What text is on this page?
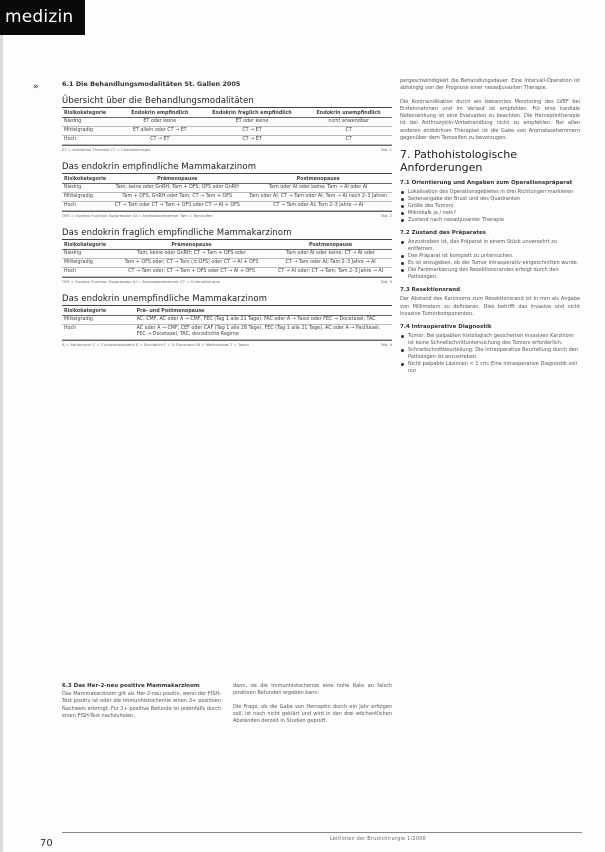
medizin
»	6.1 Die Behandlungsmodalitäten St. Gallen 2005
Übersicht über die Behandlungsmodalitäten
Risikokategorie	Endokrin empfindlich	Endokrin fraglich empfindlich	Endokrin unempfindlich
Niedrig	ET oder keine	ET oder keine	nicht anwendbar
Mittelgradig	ET allein oder CT → ET	CT → ET	CT
Hoch	CT → ET	CT → ET	CT
ET = endokrine Therapie CT = Chemotherapie	Tab. 1
Das endokrin empfindliche Mammakarzinom
Risikokategorie	Prämenopause	Postmenopause
Niedrig	Tam, keine oder GnRH; Tam + OFS; OFS oder GnRH	Tam oder AI oder keine; Tam → AI oder AI
Mittelgradig	Tam + OFS, GnRH oder Tam; CT → Tam + OFS	Tam oder AI; CT → Tam oder AI; Tam → AI nach 2–3 Jahren
Hoch	CT → Tam oder CT → Tam + OFS oder CT → AI + OFS	CT → Tam oder AI; Tam 2–3 Jahre → AI
OFS = Ovarian Function Suppression AI = Aromatasehemmer Tam = Tamoxifen	Tab. 2
Das endokrin fraglich empfindliche Mammakarzinom
Risikokategorie	Prämenopause	Postmenopause
Niedrig	Tam, keine oder GnRH; CT → Tam + OFS oder	Tam oder AI oder keine; CT → AI oder
Mittelgradig	Tam + OFS oder; CT → Tam (± OFS) oder CT → AI + OFS	CT → Tam oder AI; Tam 2–3 Jahre → AI
Hoch	CT → Tam oder; CT → Tam + OFS oder CT → AI + OFS	CT → AI oder; CT → Tam; Tam 2–3 Jahre → AI
OFS = Ovarian Function Suppression AI = Aromatasehemmer CT = Chemotherapie	Tab. 3
Das endokrin unempfindliche Mammakarzinom
Risikokategorie	Prä- und Postmenopause
Mittelgradig	AC, CMF, AC oder A → CMF, FEC (Tag 1 alle 21 Tage), FAC oder A → Taxol oder FEC → Docetaxel, TAC
Hoch	AC oder A → CMF, CEF oder CAF (Tag 1 alle 28 Tage), FEC (Tag 1 alle 21 Tage), AC oder A → Paclitaxel, FEC → Docetaxel, TAC, dosisdichte Regime
A = Adriamycin C = Cyclophosphamid E = Epirubicin F = 5-Fluoruracil M = Methotrexat T = Taxan	Tab. 4
6.3 Das Her-2-neu positive Mammakarzinom

Das Mammakarzinom gilt als Her-2-neu positiv, wenn der FISH-Test positiv ist oder die Immunhistochemie einen 3+ positiven Nachweis erbringt. Für 2+ positive Befunde ist jedenfalls durch einen FISH-Test nachzuholen,

dann, da die Immunhistochemie eine hohe Rate an falsch positiven Befunden ergeben kann.

Die Frage, ob die Gabe von Herceptin durch ein Jahr erfolgen soll, ist noch nicht geklärt und wird in den drei wöchentlichen Abständen derzeit in Studien geprüft.

pergeschwindigkeit die Behandlungsdauer. Eine Intervall-Operation ist abhängig von der Prognose einer neoadjuvanten Therapie.

Die Kontraindikation durch ein bekanntes Monitoring des LVEF bei Ersteinnahmen und im Verlauf ist empfohlen. Für eine kardiale Nebenwirkung ist eine Evaluation zu beachten. Die Herceptintherapie ist bei Anthrazyklin-Vorbehandlung nicht zu empfehlen. Bei allen anderen endokrinen Therapien ist die Gabe von Aromatasehemmern gegenüber dem Tamoxifen zu bevorzugen.

7. Pathohistologische Anforderungen
7.1 Orientierung und Angaben zum Operationspräparat
Lokalisation des Operationsgebietes in drei Richtungen markieren
Seitenangabe der Brust und des Quadranten
Größe des Tumors
Mikrokalk ja / nein?
Zustand nach neoadjuvanter Therapie
7.2 Zustand des Präparates
Anzustreben ist, das Präparat in einem Stück unversehrt zu entfernen.
Das Präparat ist komplett zu untersuchen.
Es ist anzugeben, ob der Tumor intraoperativ eingeschnitten wurde.
Die Farbmarkierung des Resektionsrandes erfolgt durch den Pathologen.
7.3 Resektionsrand

Der Abstand des Karzinoms zum Resektionsrand ist in mm als Angabe von Millimetern zu definieren. Dies betrifft das invasive und nicht invasive Tumorkomponenten.

7.4 Intraoperative Diagnostik
Tumor: Bei palpablen histologisch gesicherten invasiven Karzinom ist keine Schnellschnittuntersuchung des Tumors erforderlich.
Schnellschnittbeurteilung: Die intraoperative Beurteilung durch den Pathologen ist anzustreben.
Nicht palpable Läsionen < 1 cm: Eine intraoperative Diagnostik soll nur
70	Leitlinien der Brustchirurgie 1/2006
